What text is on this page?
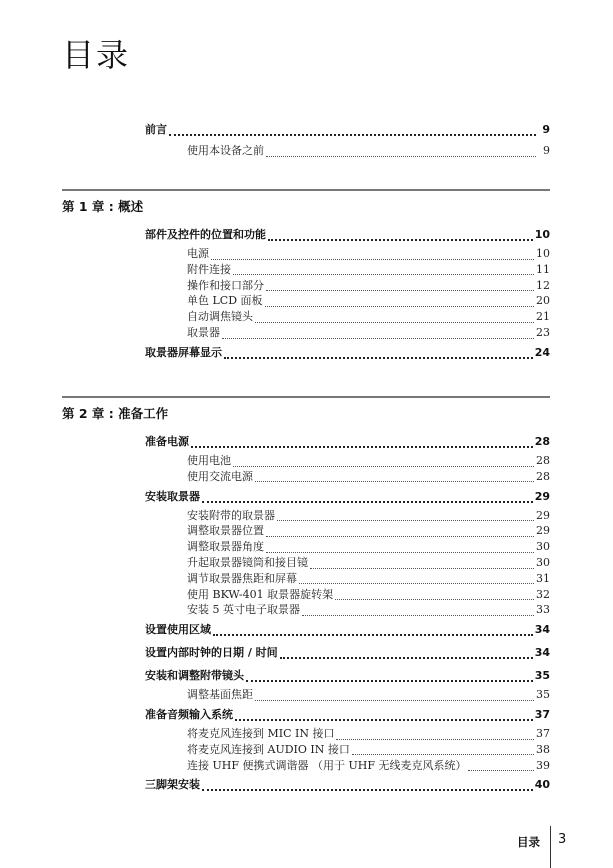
目录
前言	9
使用本设备之前	9
第 1 章 : 概述
部件及控件的位置和功能	10
电源	10
附件连接	11
操作和接口部分	12
单色 LCD 面板	20
自动调焦镜头	21
取景器	23
取景器屏幕显示	24
第 2 章 : 准备工作
准备电源	28
使用电池	28
使用交流电源	28
安装取景器	29
安装附带的取景器	29
调整取景器位置	29
调整取景器角度	30
升起取景器镜筒和接目镜	30
调节取景器焦距和屏幕	31
使用 BKW-401 取景器旋转架	32
安装 5 英寸电子取景器	33
设置使用区域	34
设置内部时钟的日期 / 时间	34
安装和调整附带镜头	35
调整基面焦距	35
准备音频输入系统	37
将麦克风连接到 MIC IN 接口	37
将麦克风连接到 AUDIO IN 接口	38
连接 UHF 便携式调谐器 （用于 UHF 无线麦克风系统）	39
三脚架安装	40
目录 3
